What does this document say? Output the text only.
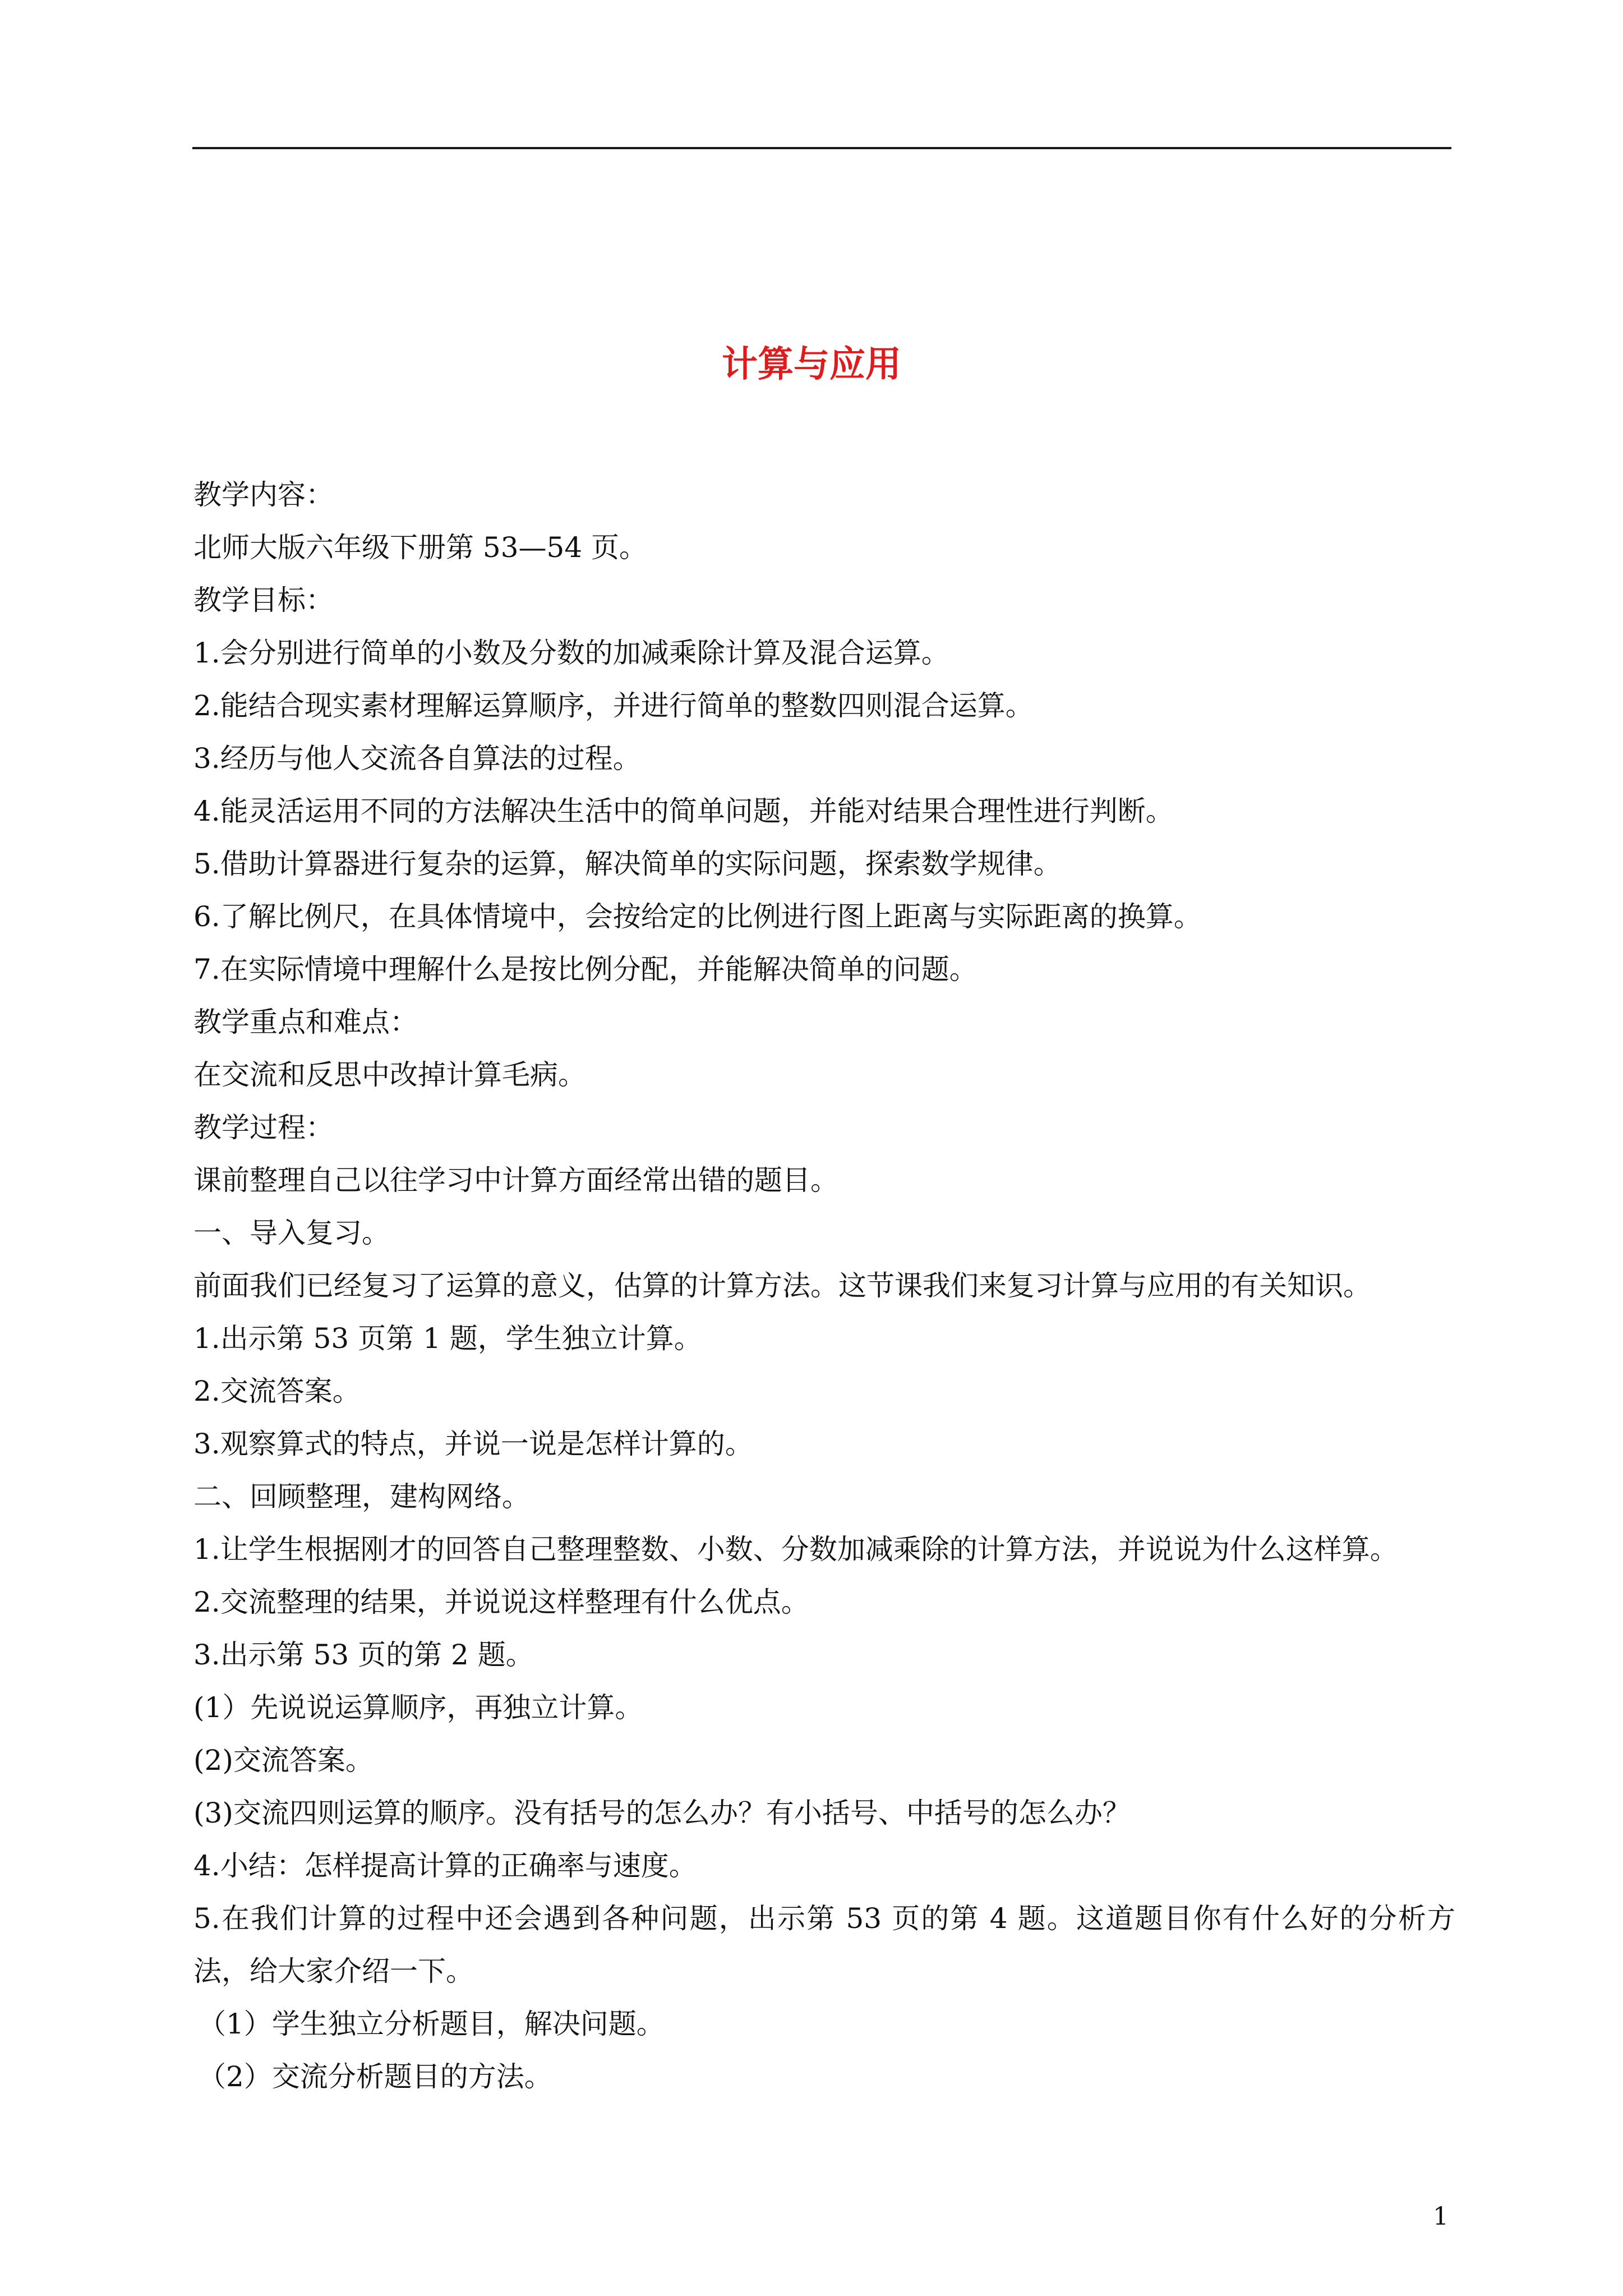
计算与应用

教学内容：

北师大版六年级下册第 53—54 页。

教学目标：

1.会分别进行简单的小数及分数的加减乘除计算及混合运算。

2.能结合现实素材理解运算顺序，并进行简单的整数四则混合运算。

3.经历与他人交流各自算法的过程。

4.能灵活运用不同的方法解决生活中的简单问题，并能对结果合理性进行判断。

5.借助计算器进行复杂的运算，解决简单的实际问题，探索数学规律。

6.了解比例尺，在具体情境中，会按给定的比例进行图上距离与实际距离的换算。

7.在实际情境中理解什么是按比例分配，并能解决简单的问题。

教学重点和难点：

在交流和反思中改掉计算毛病。

教学过程：

课前整理自己以往学习中计算方面经常出错的题目。

一、导入复习。

前面我们已经复习了运算的意义，估算的计算方法。这节课我们来复习计算与应用的有关知识。

1.出示第 53 页第 1 题，学生独立计算。

2.交流答案。

3.观察算式的特点，并说一说是怎样计算的。

二、回顾整理，建构网络。

1.让学生根据刚才的回答自己整理整数、小数、分数加减乘除的计算方法，并说说为什么这样算。

2.交流整理的结果，并说说这样整理有什么优点。

3.出示第 53 页的第 2 题。

(1）先说说运算顺序，再独立计算。

(2)交流答案。

(3)交流四则运算的顺序。没有括号的怎么办？有小括号、中括号的怎么办？

4.小结：怎样提高计算的正确率与速度。

5.在我们计算的过程中还会遇到各种问题，出示第 53 页的第 4 题。这道题目你有什么好的分析方法，给大家介绍一下。

（1）学生独立分析题目，解决问题。

（2）交流分析题目的方法。

1
